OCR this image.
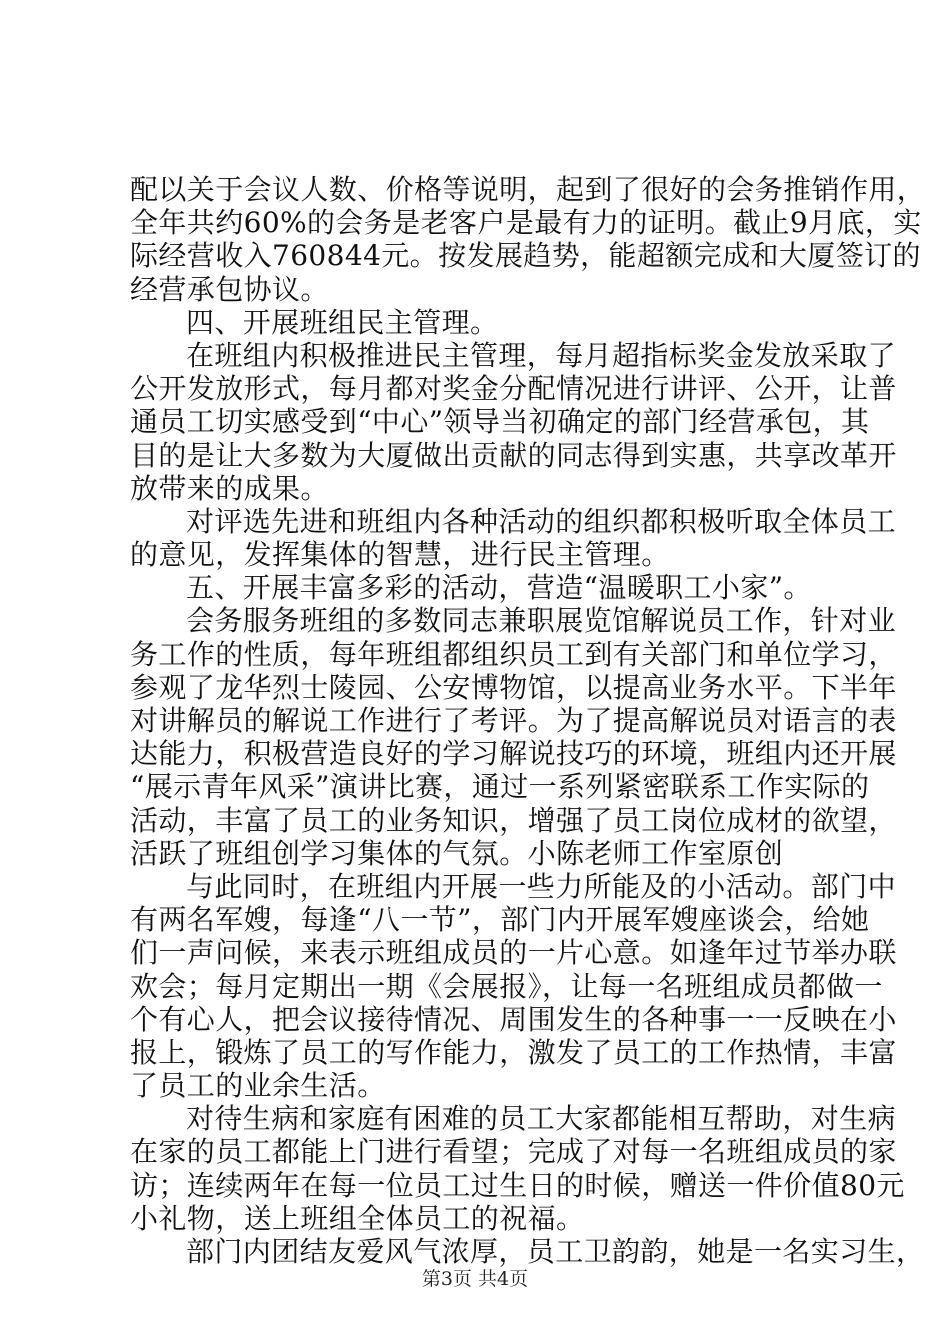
配以关于会议人数、价格等说明，起到了很好的会务推销作用，
全年共约60%的会务是老客户是最有力的证明。截止9月底，实
际经营收入760844元。按发展趋势，能超额完成和大厦签订的
经营承包协议。
四、开展班组民主管理。
在班组内积极推进民主管理，每月超指标奖金发放采取了
公开发放形式，每月都对奖金分配情况进行讲评、公开，让普
通员工切实感受到“中心”领导当初确定的部门经营承包，其
目的是让大多数为大厦做出贡献的同志得到实惠，共享改革开
放带来的成果。
对评选先进和班组内各种活动的组织都积极听取全体员工
的意见，发挥集体的智慧，进行民主管理。
五、开展丰富多彩的活动，营造“温暖职工小家”。
会务服务班组的多数同志兼职展览馆解说员工作，针对业
务工作的性质，每年班组都组织员工到有关部门和单位学习，
参观了龙华烈士陵园、公安博物馆，以提高业务水平。下半年
对讲解员的解说工作进行了考评。为了提高解说员对语言的表
达能力，积极营造良好的学习解说技巧的环境，班组内还开展
“展示青年风采”演讲比赛，通过一系列紧密联系工作实际的
活动，丰富了员工的业务知识，增强了员工岗位成材的欲望，
活跃了班组创学习集体的气氛。小陈老师工作室原创
与此同时，在班组内开展一些力所能及的小活动。部门中
有两名军嫂，每逢“八一节”，部门内开展军嫂座谈会，给她
们一声问候，来表示班组成员的一片心意。如逢年过节举办联
欢会；每月定期出一期《会展报》，让每一名班组成员都做一
个有心人，把会议接待情况、周围发生的各种事一一反映在小
报上，锻炼了员工的写作能力，激发了员工的工作热情，丰富
了员工的业余生活。
对待生病和家庭有困难的员工大家都能相互帮助，对生病
在家的员工都能上门进行看望；完成了对每一名班组成员的家
访；连续两年在每一位员工过生日的时候，赠送一件价值80元
小礼物，送上班组全体员工的祝福。
部门内团结友爱风气浓厚，员工卫韵韵，她是一名实习生，
第3页 共4页
